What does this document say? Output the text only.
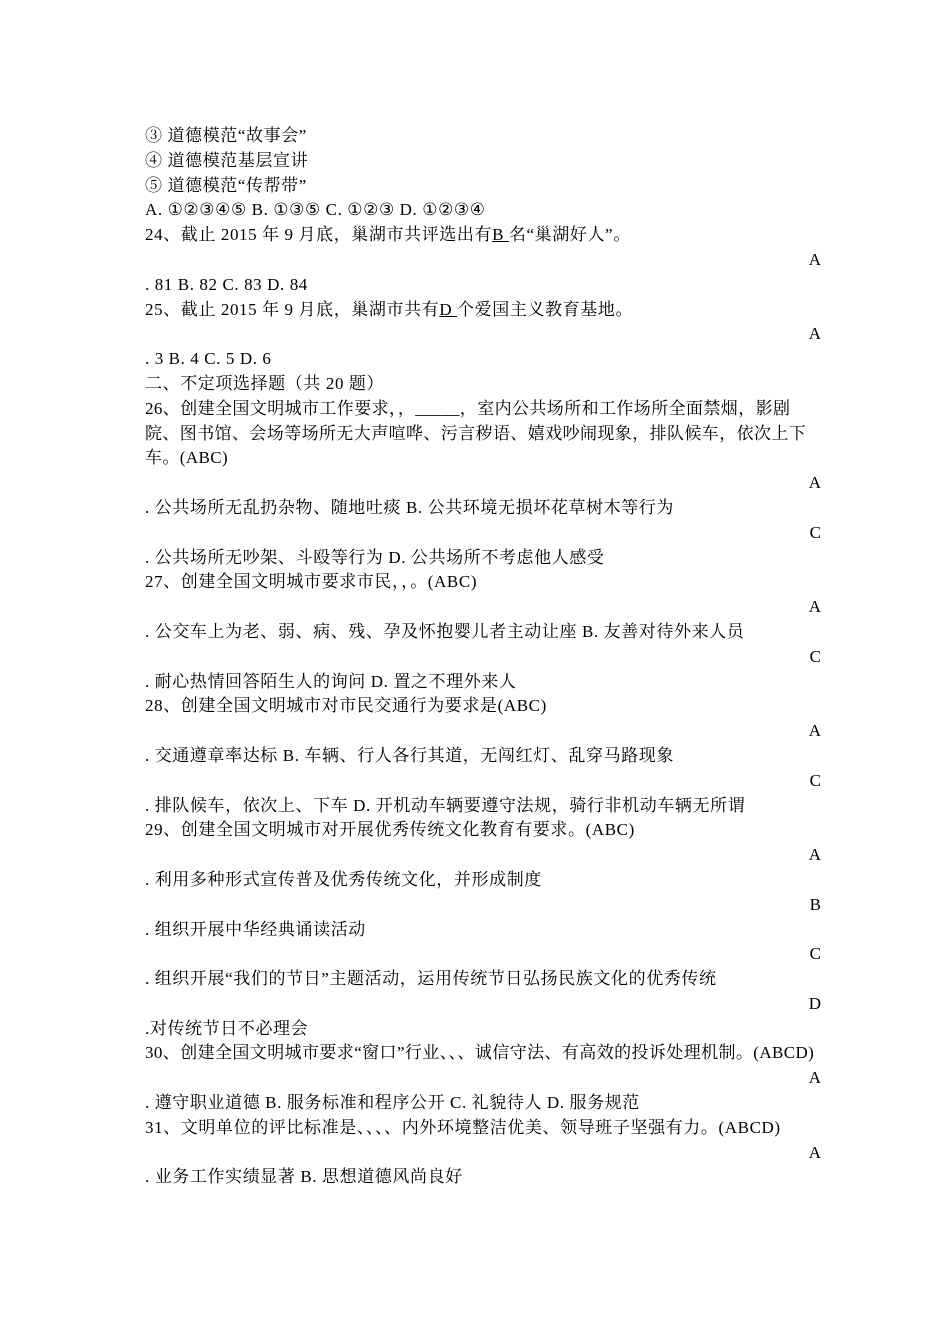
③ 道德模范“故事会”
④ 道德模范基层宣讲
⑤ 道德模范“传帮带”
A. ①②③④⑤ B. ①③⑤ C. ①②③ D. ①②③④
24、截止 2015 年 9 月底，巢湖市共评选出有B 名“巢湖好人”。
A
. 81 B. 82 C. 83 D. 84
25、截止 2015 年 9 月底，巢湖市共有D 个爱国主义教育基地。
A
. 3 B. 4 C. 5 D. 6
二、不定项选择题（共 20 题）
26、创建全国文明城市工作要求，，_____，室内公共场所和工作场所全面禁烟，影剧院、图书馆、会场等场所无大声喧哗、污言秽语、嬉戏吵闹现象，排队候车，依次上下车。(ABC)
A
. 公共场所无乱扔杂物、随地吐痰 B. 公共环境无损坏花草树木等行为
C
. 公共场所无吵架、斗殴等行为 D. 公共场所不考虑他人感受
27、创建全国文明城市要求市民，，。(ABC)
A
. 公交车上为老、弱、病、残、孕及怀抱婴儿者主动让座 B. 友善对待外来人员
C
. 耐心热情回答陌生人的询问 D. 置之不理外来人
28、创建全国文明城市对市民交通行为要求是(ABC)
A
. 交通遵章率达标 B. 车辆、行人各行其道，无闯红灯、乱穿马路现象
C
. 排队候车，依次上、下车 D. 开机动车辆要遵守法规，骑行非机动车辆无所谓
29、创建全国文明城市对开展优秀传统文化教育有要求。(ABC)
A
. 利用多种形式宣传普及优秀传统文化，并形成制度
B
. 组织开展中华经典诵读活动
C
. 组织开展“我们的节日”主题活动，运用传统节日弘扬民族文化的优秀传统
D
.对传统节日不必理会
30、创建全国文明城市要求“窗口”行业、、、诚信守法、有高效的投诉处理机制。(ABCD)
A
. 遵守职业道德 B. 服务标准和程序公开 C. 礼貌待人 D. 服务规范
31、文明单位的评比标准是、、、、内外环境整洁优美、领导班子坚强有力。(ABCD)
A
. 业务工作实绩显著 B. 思想道德风尚良好
